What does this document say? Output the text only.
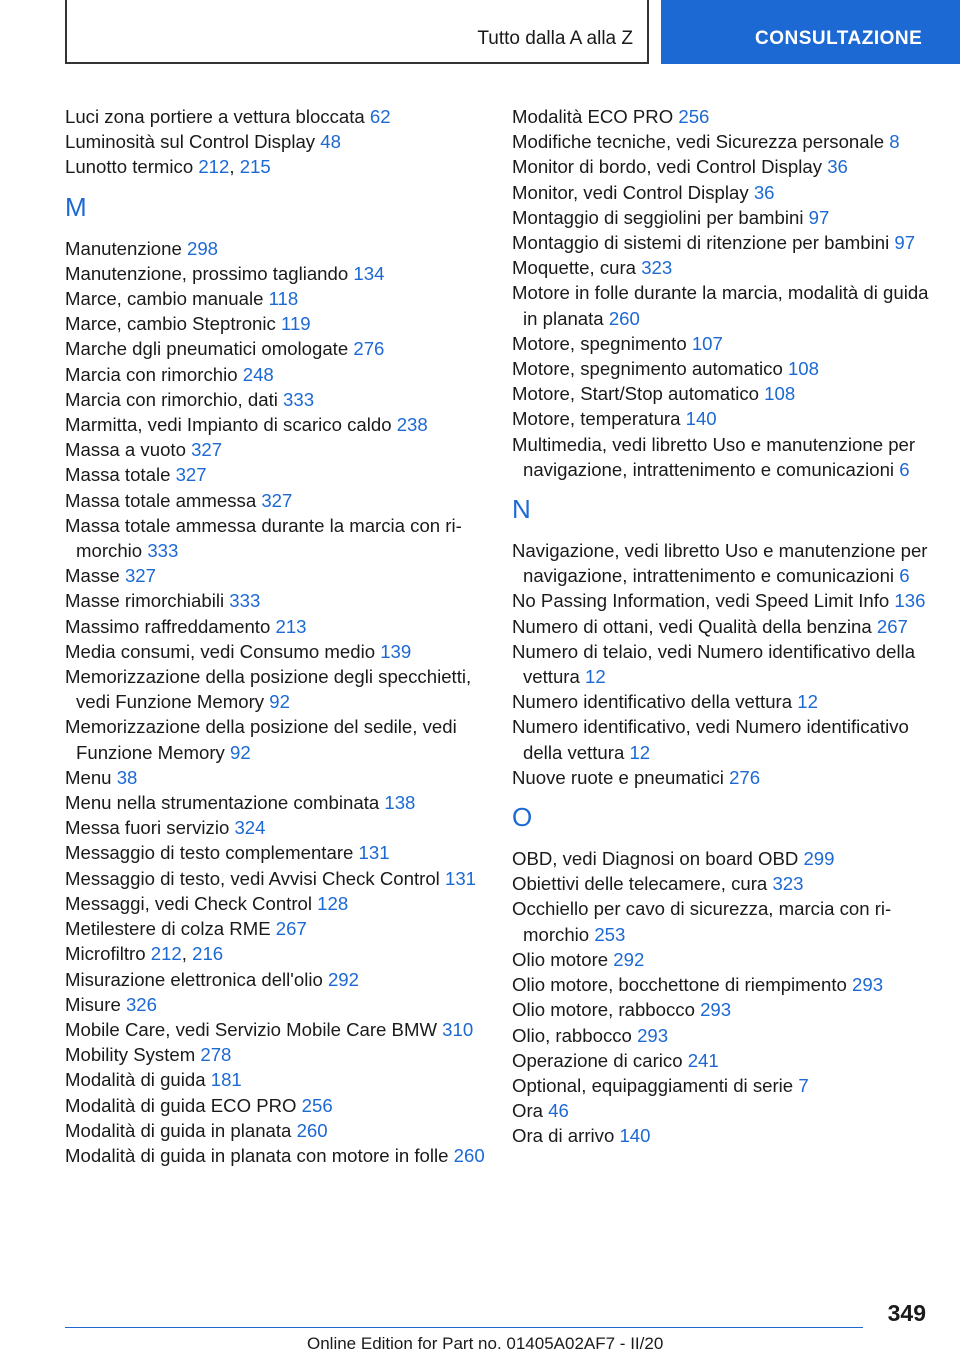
Tutto dalla A alla Z	CONSULTAZIONE
Luci zona portiere a vettura bloccata 62
Luminosità sul Control Display 48
Lunotto termico 212, 215
M
Manutenzione 298
Manutenzione, prossimo tagliando 134
Marce, cambio manuale 118
Marce, cambio Steptronic 119
Marche dgli pneumatici omologate 276
Marcia con rimorchio 248
Marcia con rimorchio, dati 333
Marmitta, vedi Impianto di scarico caldo 238
Massa a vuoto 327
Massa totale 327
Massa totale ammessa 327
Massa totale ammessa durante la marcia con rimorchio 333
Masse 327
Masse rimorchiabili 333
Massimo raffreddamento 213
Media consumi, vedi Consumo medio 139
Memorizzazione della posizione degli specchietti, vedi Funzione Memory 92
Memorizzazione della posizione del sedile, vedi Funzione Memory 92
Menu 38
Menu nella strumentazione combinata 138
Messa fuori servizio 324
Messaggio di testo complementare 131
Messaggio di testo, vedi Avvisi Check Control 131
Messaggi, vedi Check Control 128
Metilestere di colza RME 267
Microfiltro 212, 216
Misurazione elettronica dell'olio 292
Misure 326
Mobile Care, vedi Servizio Mobile Care BMW 310
Mobility System 278
Modalità di guida 181
Modalità di guida ECO PRO 256
Modalità di guida in planata 260
Modalità di guida in planata con motore in folle 260
Modalità ECO PRO 256
Modifiche tecniche, vedi Sicurezza personale 8
Monitor di bordo, vedi Control Display 36
Monitor, vedi Control Display 36
Montaggio di seggiolini per bambini 97
Montaggio di sistemi di ritenzione per bambini 97
Moquette, cura 323
Motore in folle durante la marcia, modalità di guida in planata 260
Motore, spegnimento 107
Motore, spegnimento automatico 108
Motore, Start/Stop automatico 108
Motore, temperatura 140
Multimedia, vedi libretto Uso e manutenzione per navigazione, intrattenimento e comunicazioni 6
N
Navigazione, vedi libretto Uso e manutenzione per navigazione, intrattenimento e comunicazioni 6
No Passing Information, vedi Speed Limit Info 136
Numero di ottani, vedi Qualità della benzina 267
Numero di telaio, vedi Numero identificativo della vettura 12
Numero identificativo della vettura 12
Numero identificativo, vedi Numero identificativo della vettura 12
Nuove ruote e pneumatici 276
O
OBD, vedi Diagnosi on board OBD 299
Obiettivi delle telecamere, cura 323
Occhiello per cavo di sicurezza, marcia con rimorchio 253
Olio motore 292
Olio motore, bocchettone di riempimento 293
Olio motore, rabbocco 293
Olio, rabbocco 293
Operazione di carico 241
Optional, equipaggiamenti di serie 7
Ora 46
Ora di arrivo 140
349
Online Edition for Part no. 01405A02AF7 - II/20
